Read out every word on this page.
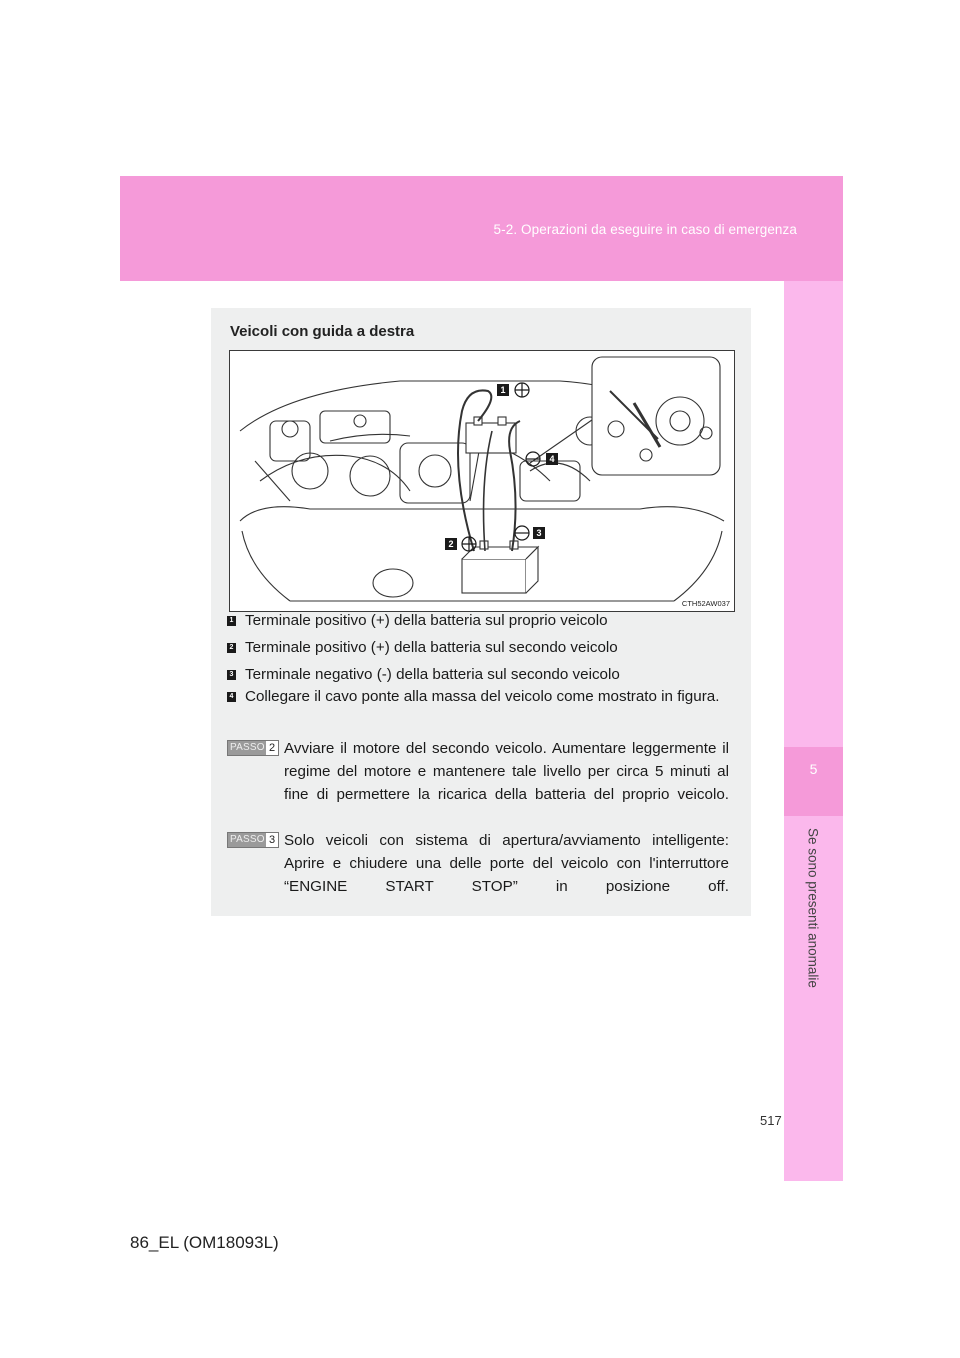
5-2. Operazioni da eseguire in caso di emergenza
5
Se sono presenti anomalie
Veicoli con guida a destra
1
2
3
4
CTH52AW037
1 Terminale positivo (+) della batteria sul proprio veicolo
2 Terminale positivo (+) della batteria sul secondo veicolo
3 Terminale negativo (-) della batteria sul secondo veicolo
4 Collegare il cavo ponte alla massa del veicolo come mostrato in figura.
PASSO 2 Avviare il motore del secondo veicolo. Aumentare leggermente il regime del motore e mantenere tale livello per circa 5 minuti al fine di permettere la ricarica della batteria del proprio veicolo.
PASSO 3 Solo veicoli con sistema di apertura/avviamento intelligente: Aprire e chiudere una delle porte del veicolo con l'interruttore “ENGINE START STOP” in posizione off.
517
86_EL (OM18093L)
